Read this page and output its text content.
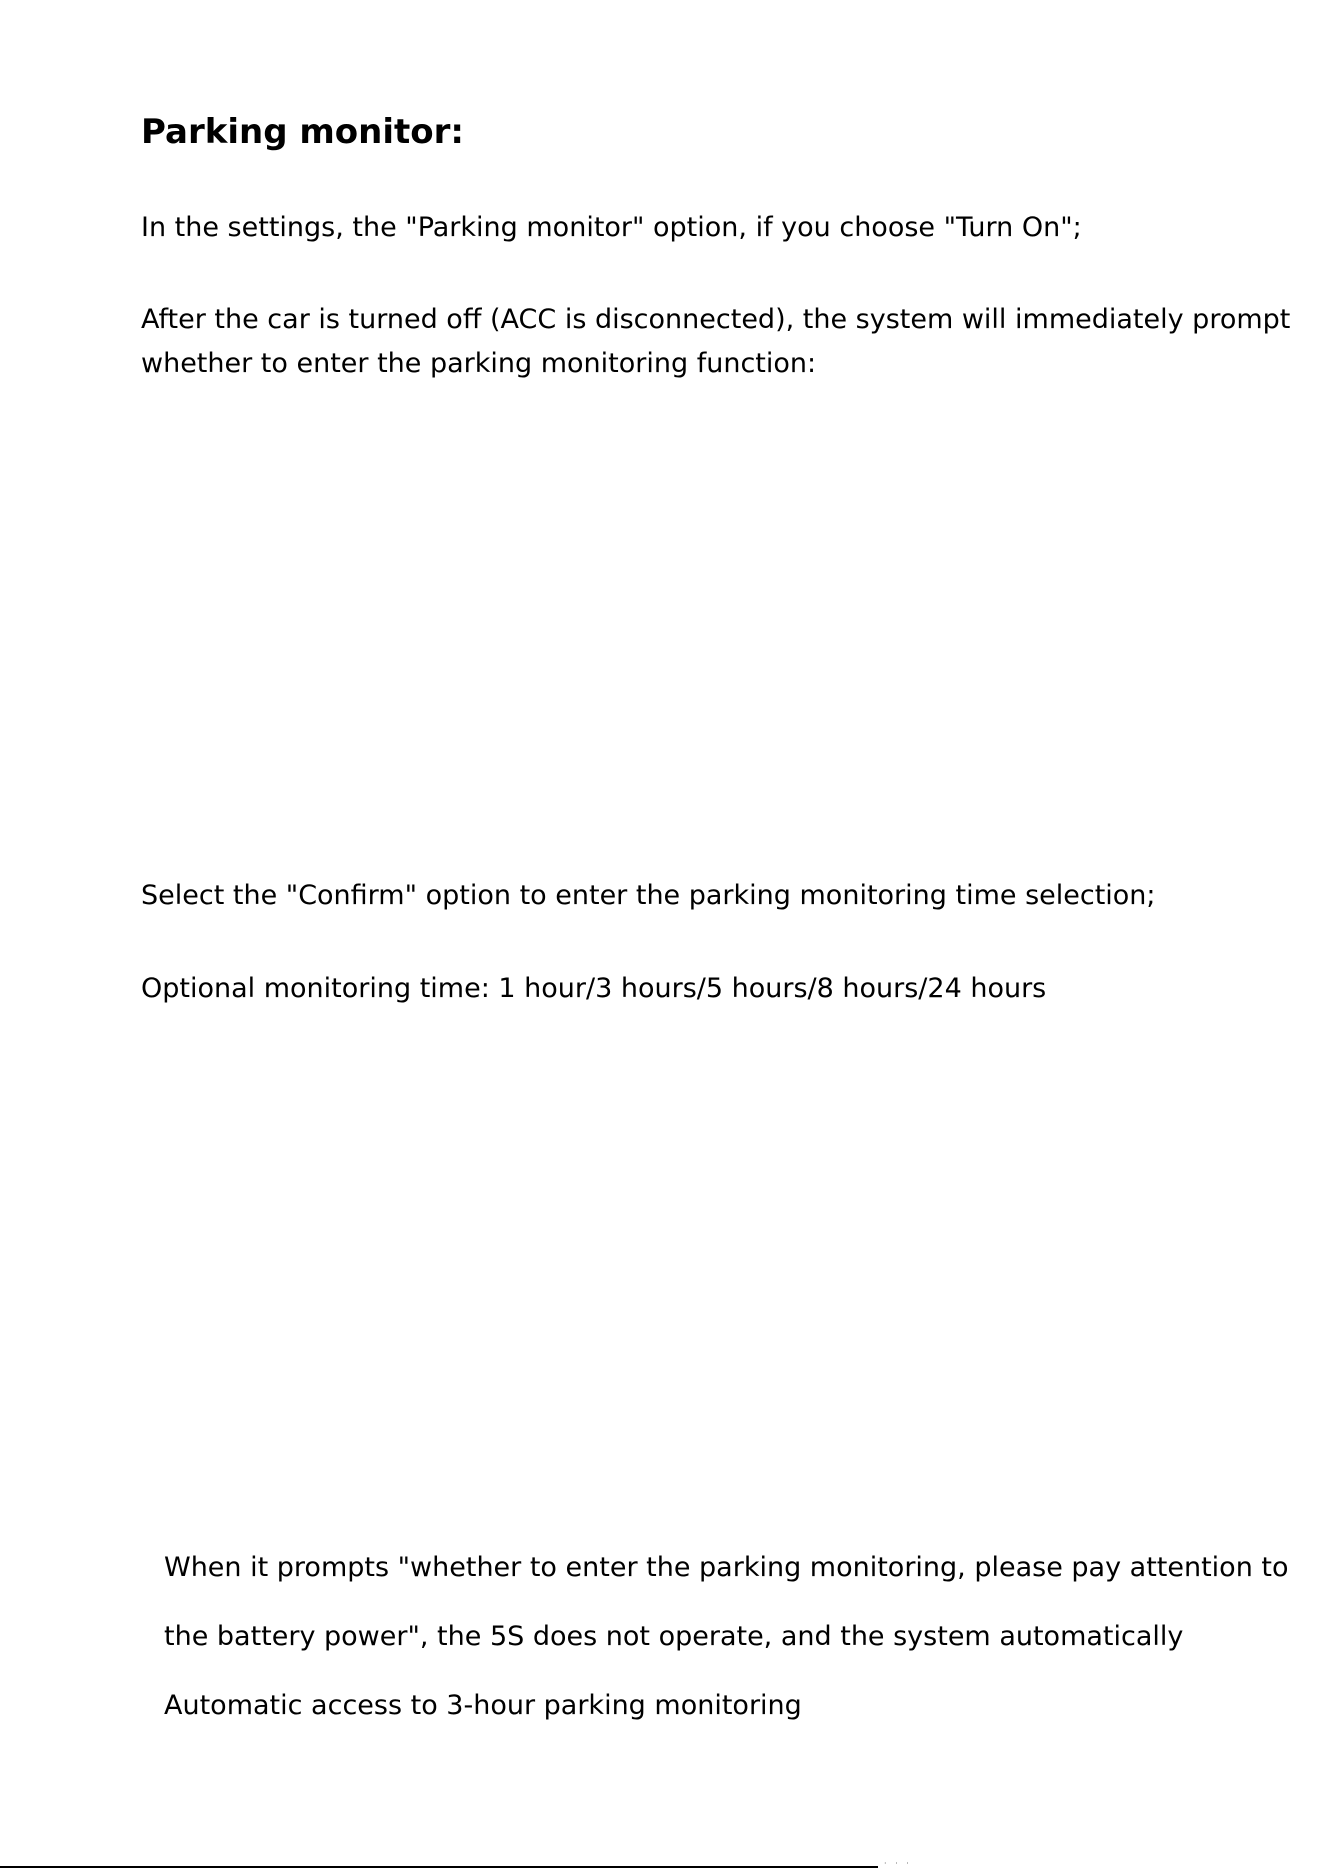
Parking monitor:

In the settings, the "Parking monitor" option, if you choose "Turn On";

After the car is turned off (ACC is disconnected), the system will immediately prompt
whether to enter the parking monitoring function:

Select the "Confirm" option to enter the parking monitoring time selection;

Optional monitoring time: 1 hour/3 hours/5 hours/8 hours/24 hours

When it prompts "whether to enter the parking monitoring, please pay attention to
the battery power", the 5S does not operate, and the system automatically
Automatic access to 3-hour parking monitoring

· · ·
